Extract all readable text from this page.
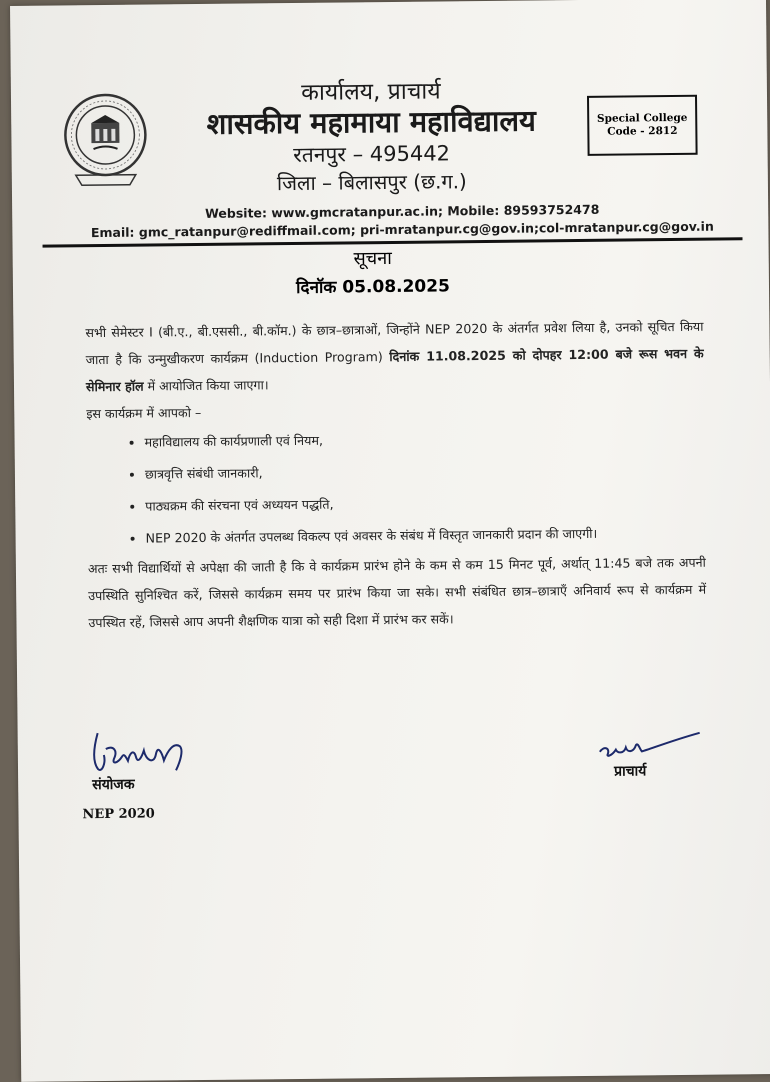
कार्यालय, प्राचार्य
शासकीय महामाया महाविद्यालय
रतनपुर – 495442
जिला – बिलासपुर (छ.ग.)
Special College
Code - 2812
Website: www.gmcratanpur.ac.in; Mobile: 89593752478
Email: gmc_ratanpur@rediffmail.com; pri-mratanpur.cg@gov.in;col-mratanpur.cg@gov.in
सूचना
दिनॉक 05.08.2025

सभी सेमेस्टर I (बी.ए., बी.एससी., बी.कॉम.) के छात्र–छात्राओं, जिन्होंने NEP 2020 के अंतर्गत प्रवेश लिया है, उनको सूचित किया जाता है कि उन्मुखीकरण कार्यक्रम (Induction Program) दिनांक 11.08.2025 को दोपहर 12:00 बजे रूस भवन के सेमिनार हॉल में आयोजित किया जाएगा।

इस कार्यक्रम में आपको –

• महाविद्यालय की कार्यप्रणाली एवं नियम,
• छात्रवृत्ति संबंधी जानकारी,
• पाठ्यक्रम की संरचना एवं अध्ययन पद्धति,
• NEP 2020 के अंतर्गत उपलब्ध विकल्प एवं अवसर के संबंध में विस्तृत जानकारी प्रदान की जाएगी।

अतः सभी विद्यार्थियों से अपेक्षा की जाती है कि वे कार्यक्रम प्रारंभ होने के कम से कम 15 मिनट पूर्व, अर्थात् 11:45 बजे तक अपनी उपस्थिति सुनिश्चित करें, जिससे कार्यक्रम समय पर प्रारंभ किया जा सके। सभी संबंधित छात्र–छात्राएँ अनिवार्य रूप से कार्यक्रम में उपस्थित रहें, जिससे आप अपनी शैक्षणिक यात्रा को सही दिशा में प्रारंभ कर सकें।

संयोजक
NEP 2020
प्राचार्य
